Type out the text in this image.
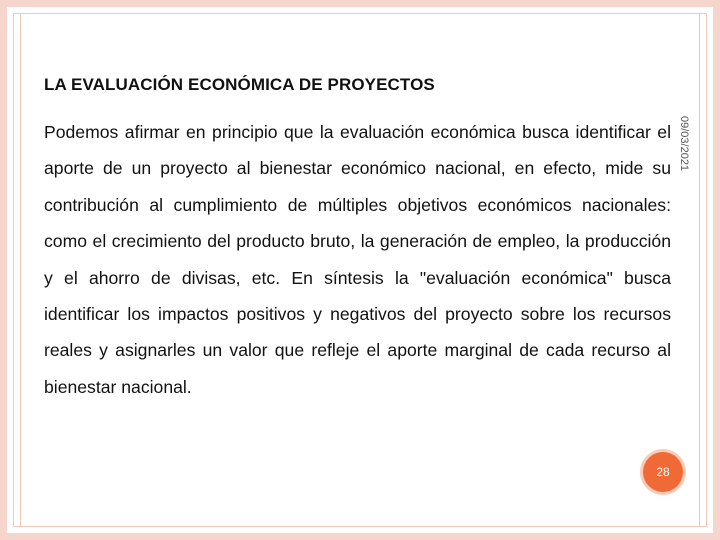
LA EVALUACIÓN ECONÓMICA DE PROYECTOS

Podemos afirmar en principio que la evaluación económica busca identificar el aporte de un proyecto al bienestar económico nacional, en efecto, mide su contribución al cumplimiento de múltiples objetivos económicos nacionales: como el crecimiento del producto bruto, la generación de empleo, la producción y el ahorro de divisas, etc. En síntesis la "evaluación económica" busca identificar los impactos positivos y negativos del proyecto sobre los recursos reales y asignarles un valor que refleje el aporte marginal de cada recurso al bienestar nacional.

09/03/2021
28
